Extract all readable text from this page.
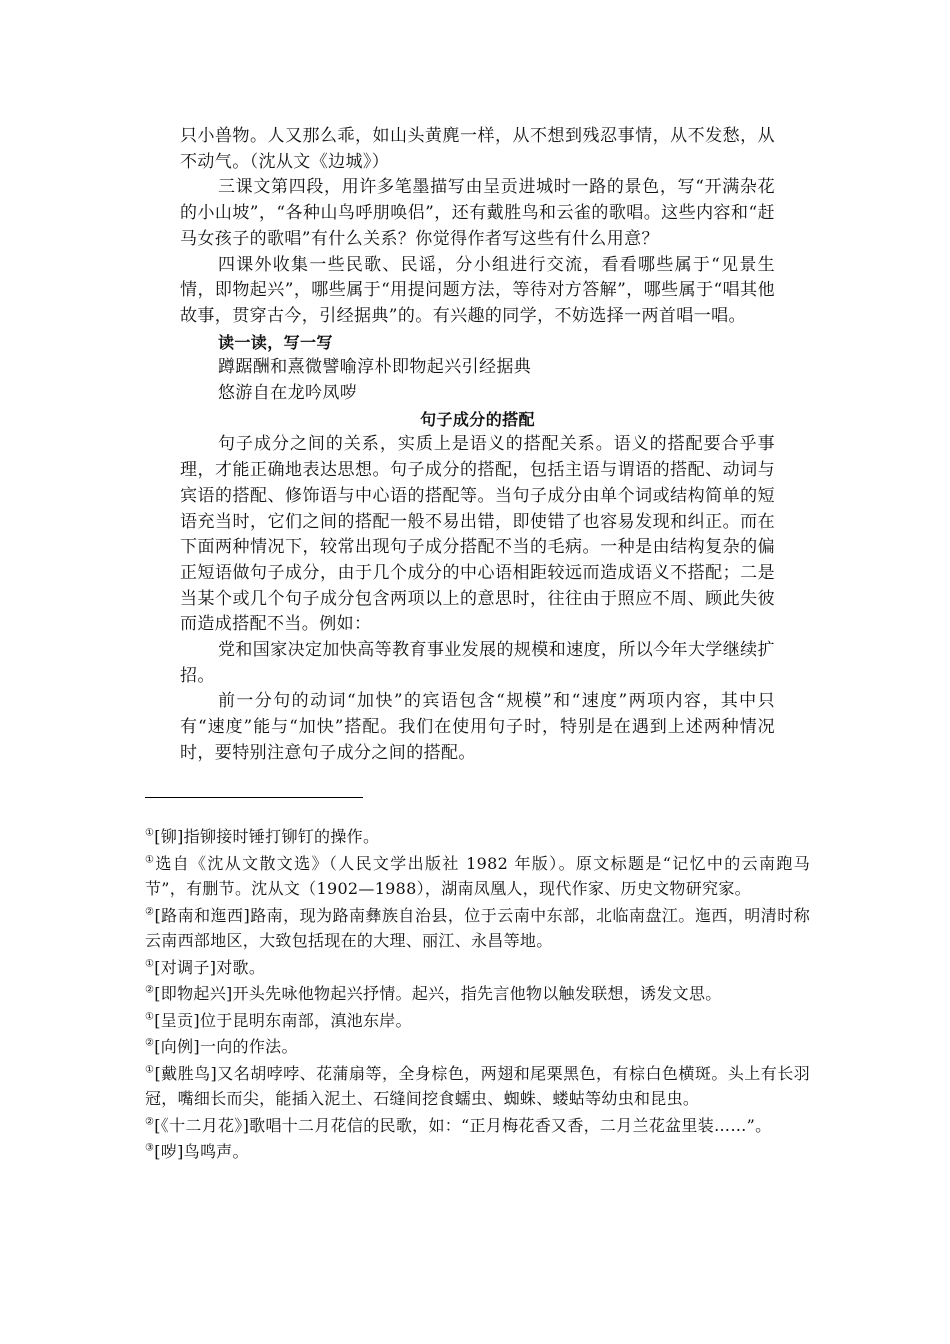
只小兽物。人又那么乖，如山头黄麂一样，从不想到残忍事情，从不发愁，从不动气。（沈从文《边城》）

三课文第四段，用许多笔墨描写由呈贡进城时一路的景色，写“开满杂花的小山坡”，“各种山鸟呼朋唤侣”，还有戴胜鸟和云雀的歌唱。这些内容和“赶马女孩子的歌唱”有什么关系？你觉得作者写这些有什么用意？

四课外收集一些民歌、民谣，分小组进行交流，看看哪些属于“见景生情，即物起兴”，哪些属于“用提问题方法，等待对方答解”，哪些属于“唱其他故事，贯穿古今，引经据典”的。有兴趣的同学，不妨选择一两首唱一唱。

读一读，写一写

蹲踞酬和熹微譬喻淳朴即物起兴引经据典

悠游自在龙吟凤哕

句子成分的搭配

句子成分之间的关系，实质上是语义的搭配关系。语义的搭配要合乎事理，才能正确地表达思想。句子成分的搭配，包括主语与谓语的搭配、动词与宾语的搭配、修饰语与中心语的搭配等。当句子成分由单个词或结构简单的短语充当时，它们之间的搭配一般不易出错，即使错了也容易发现和纠正。而在下面两种情况下，较常出现句子成分搭配不当的毛病。一种是由结构复杂的偏正短语做句子成分，由于几个成分的中心语相距较远而造成语义不搭配；二是当某个或几个句子成分包含两项以上的意思时，往往由于照应不周、顾此失彼而造成搭配不当。例如：

党和国家决定加快高等教育事业发展的规模和速度，所以今年大学继续扩招。

前一分句的动词“加快”的宾语包含“规模”和“速度”两项内容，其中只有“速度”能与“加快”搭配。我们在使用句子时，特别是在遇到上述两种情况时，要特别注意句子成分之间的搭配。

①[铆]指铆接时锤打铆钉的操作。

①选自《沈从文散文选》（人民文学出版社 1982 年版）。原文标题是“记忆中的云南跑马节”，有删节。沈从文（1902—1988），湖南凤凰人，现代作家、历史文物研究家。

②[路南和迤西]路南，现为路南彝族自治县，位于云南中东部，北临南盘江。迤西，明清时称云南西部地区，大致包括现在的大理、丽江、永昌等地。

①[对调子]对歌。

②[即物起兴]开头先咏他物起兴抒情。起兴，指先言他物以触发联想，诱发文思。

①[呈贡]位于昆明东南部，滇池东岸。

②[向例]一向的作法。

①[戴胜鸟]又名胡哱哱、花蒲扇等，全身棕色，两翅和尾栗黑色，有棕白色横斑。头上有长羽冠，嘴细长而尖，能插入泥土、石缝间挖食蠕虫、蜘蛛、蝼蛄等幼虫和昆虫。

②[《十二月花》]歌唱十二月花信的民歌，如：“正月梅花香又香，二月兰花盆里装……”。

③[哕]鸟鸣声。
